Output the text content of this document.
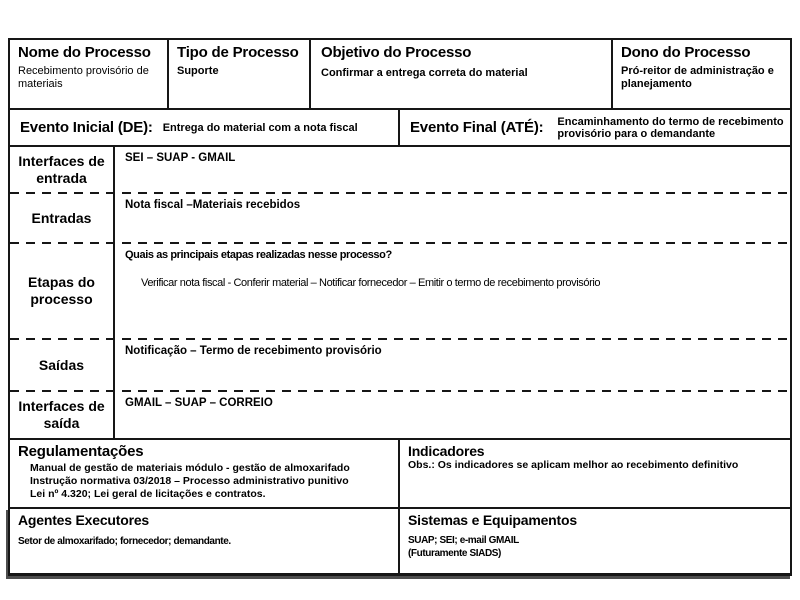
Nome do Processo
Recebimento provisório de materiais
Tipo de Processo
Suporte
Objetivo do Processo
Confirmar a entrega correta do material
Dono do Processo
Pró-reitor de administração e planejamento
Evento Inicial (DE): Entrega do material com a nota fiscal	Evento Final (ATÉ): Encaminhamento do termo de recebimento provisório para o demandante
Interfaces de entrada
SEI – SUAP - GMAIL
Entradas
Nota fiscal –Materiais recebidos
Etapas do processo
Quais as principais etapas realizadas nesse processo?
Verificar nota fiscal - Conferir material – Notificar fornecedor – Emitir o termo de recebimento provisório
Saídas
Notificação – Termo de recebimento provisório
Interfaces de saída
GMAIL – SUAP – CORREIO
Regulamentações
Manual de gestão de materiais módulo - gestão de almoxarifado
Instrução normativa 03/2018 – Processo administrativo punitivo
Lei nº 4.320; Lei geral de licitações e contratos.
Indicadores
Obs.: Os indicadores se aplicam melhor ao recebimento definitivo
Agentes Executores
Setor de almoxarifado; fornecedor; demandante.
Sistemas e Equipamentos
SUAP; SEI; e-mail GMAIL
(Futuramente SIADS)
